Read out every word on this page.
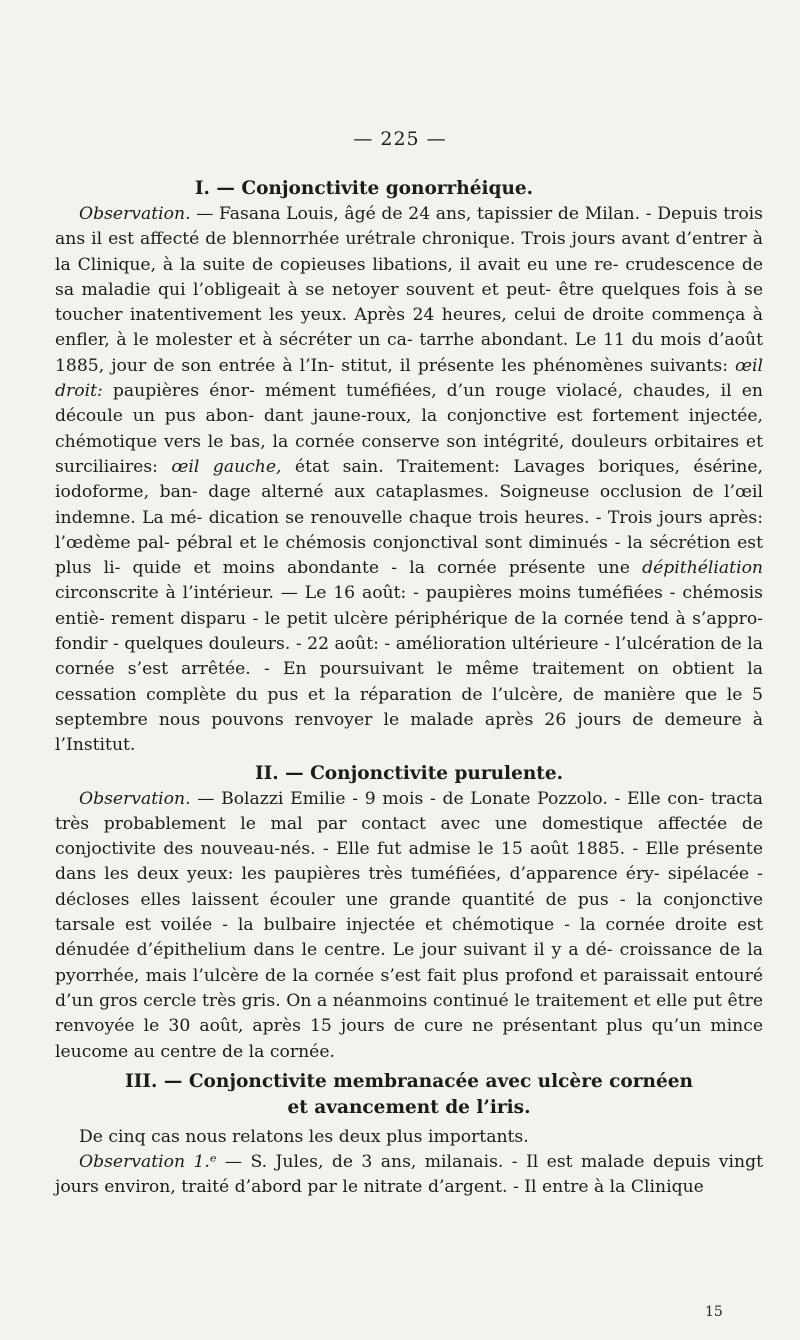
— 225 —
I. — Conjonctivite gonorrhéique.

Observation. — Fasana Louis, âgé de 24 ans, tapissier de Milan. - Depuis trois ans il est affecté de blennorrhée urétrale chronique. Trois jours avant d’entrer à la Clinique, à la suite de copieuses libations, il avait eu une re- crudescence de sa maladie qui l’obligeait à se netoyer souvent et peut- être quelques fois à se toucher inatentivement les yeux. Après 24 heures, celui de droite commença à enfler, à le molester et à sécréter un ca- tarrhe abondant. Le 11 du mois d’août 1885, jour de son entrée à l’In- stitut, il présente les phénomènes suivants: œil droit: paupières énor- mément tuméfiées, d’un rouge violacé, chaudes, il en découle un pus abon- dant jaune-roux, la conjonctive est fortement injectée, chémotique vers le bas, la cornée conserve son intégrité, douleurs orbitaires et surciliaires: œil gauche, état sain. Traitement: Lavages boriques, ésérine, iodoforme, ban- dage alterné aux cataplasmes. Soigneuse occlusion de l’œil indemne. La mé- dication se renouvelle chaque trois heures. - Trois jours après: l’œdème pal- pébral et le chémosis conjonctival sont diminués - la sécrétion est plus li- quide et moins abondante - la cornée présente une dépithéliation circonscrite à l’intérieur. — Le 16 août: - paupières moins tuméfiées - chémosis entiè- rement disparu - le petit ulcère périphérique de la cornée tend à s’appro- fondir - quelques douleurs. - 22 août: - amélioration ultérieure - l’ulcération de la cornée s’est arrêtée. - En poursuivant le même traitement on obtient la cessation complète du pus et la réparation de l’ulcère, de manière que le 5 septembre nous pouvons renvoyer le malade après 26 jours de demeure à l’Institut.

II. — Conjonctivite purulente.

Observation. — Bolazzi Emilie - 9 mois - de Lonate Pozzolo. - Elle con- tracta très probablement le mal par contact avec une domestique affectée de conjoctivite des nouveau-nés. - Elle fut admise le 15 août 1885. - Elle présente dans les deux yeux: les paupières très tuméfiées, d’apparence éry- sipélacée - décloses elles laissent écouler une grande quantité de pus - la conjonctive tarsale est voilée - la bulbaire injectée et chémotique - la cornée droite est dénudée d’épithelium dans le centre. Le jour suivant il y a dé- croissance de la pyorrhée, mais l’ulcère de la cornée s’est fait plus profond et paraissait entouré d’un gros cercle très gris. On a néanmoins continué le traitement et elle put être renvoyée le 30 août, après 15 jours de cure ne présentant plus qu’un mince leucome au centre de la cornée.

III. — Conjonctivite membranacée avec ulcère cornéen
et avancement de l’iris.

De cinq cas nous relatons les deux plus importants.

Observation 1.ᵉ — S. Jules, de 3 ans, milanais. - Il est malade depuis vingt jours environ, traité d’abord par le nitrate d’argent. - Il entre à la Clinique

15
